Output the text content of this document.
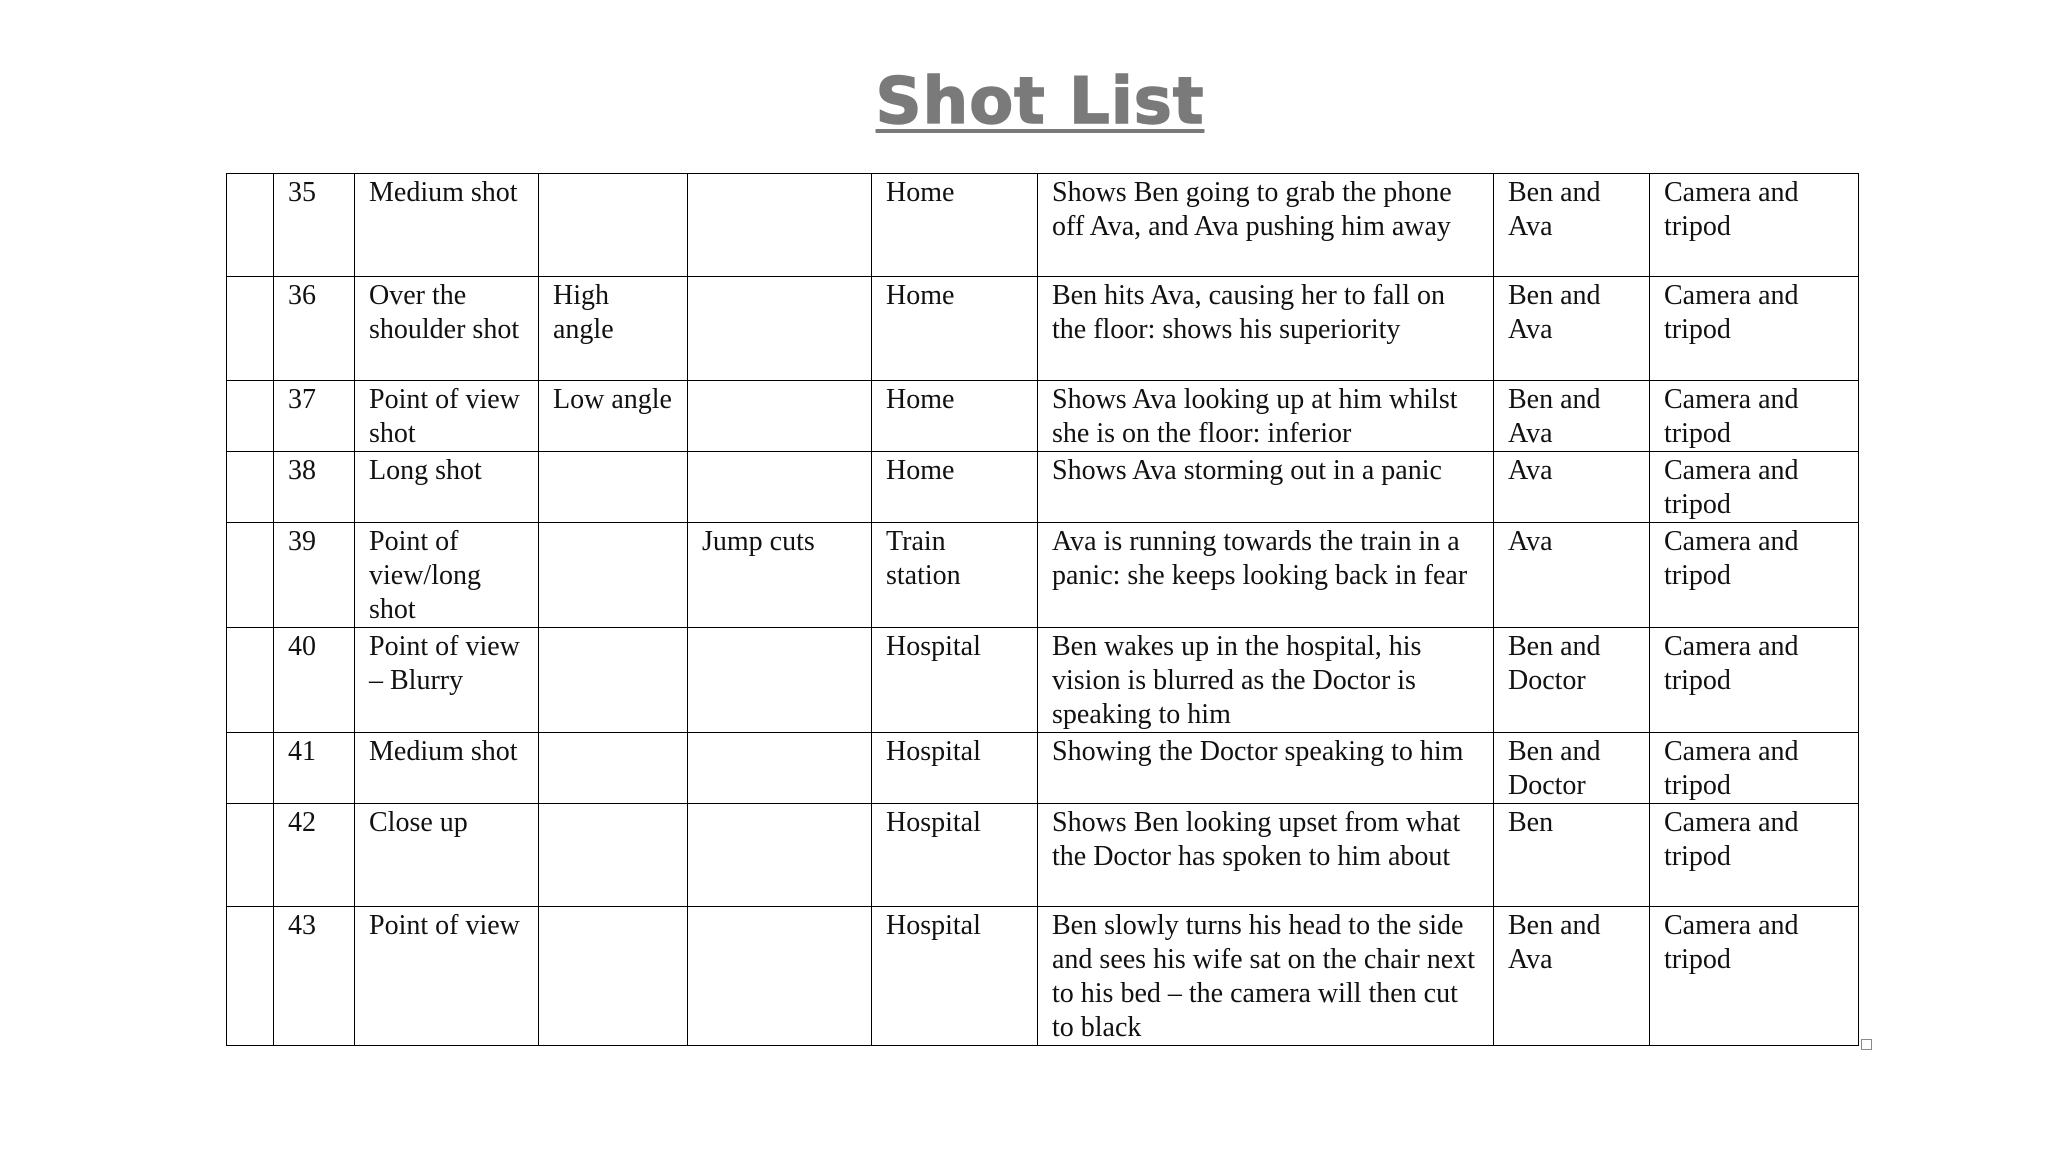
Shot List
	35	Medium shot			Home	Shows Ben going to grab the phone off Ava, and Ava pushing him away	Ben and Ava	Camera and tripod
	36	Over the shoulder shot	High angle		Home	Ben hits Ava, causing her to fall on the floor: shows his superiority	Ben and Ava	Camera and tripod
	37	Point of view shot	Low angle		Home	Shows Ava looking up at him whilst she is on the floor: inferior	Ben and Ava	Camera and tripod
	38	Long shot			Home	Shows Ava storming out in a panic	Ava	Camera and tripod
	39	Point of view/long shot		Jump cuts	Train station	Ava is running towards the train in a panic: she keeps looking back in fear	Ava	Camera and tripod
	40	Point of view – Blurry			Hospital	Ben wakes up in the hospital, his vision is blurred as the Doctor is speaking to him	Ben and Doctor	Camera and tripod
	41	Medium shot			Hospital	Showing the Doctor speaking to him	Ben and Doctor	Camera and tripod
	42	Close up			Hospital	Shows Ben looking upset from what the Doctor has spoken to him about	Ben	Camera and tripod
	43	Point of view			Hospital	Ben slowly turns his head to the side and sees his wife sat on the chair next to his bed – the camera will then cut to black	Ben and Ava	Camera and tripod
